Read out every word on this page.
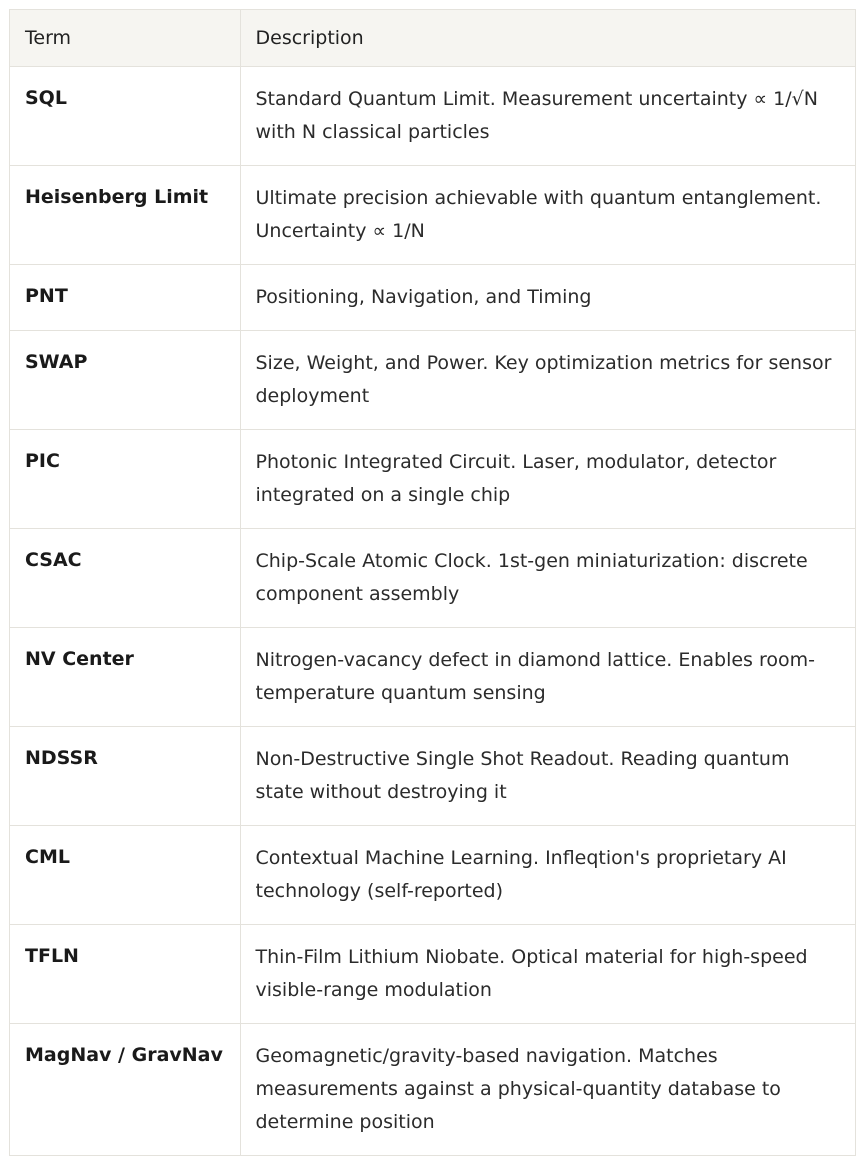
Term	Description
SQL	Standard Quantum Limit. Measurement uncertainty ∝ 1/√N with N classical particles
Heisenberg Limit	Ultimate precision achievable with quantum entanglement. Uncertainty ∝ 1/N
PNT	Positioning, Navigation, and Timing
SWAP	Size, Weight, and Power. Key optimization metrics for sensor deployment
PIC	Photonic Integrated Circuit. Laser, modulator, detector integrated on a single chip
CSAC	Chip-Scale Atomic Clock. 1st-gen miniaturization: discrete component assembly
NV Center	Nitrogen-vacancy defect in diamond lattice. Enables room-temperature quantum sensing
NDSSR	Non-Destructive Single Shot Readout. Reading quantum state without destroying it
CML	Contextual Machine Learning. Infleqtion's proprietary AI technology (self-reported)
TFLN	Thin-Film Lithium Niobate. Optical material for high-speed visible-range modulation
MagNav / GravNav	Geomagnetic/gravity-based navigation. Matches measurements against a physical-quantity database to determine position
